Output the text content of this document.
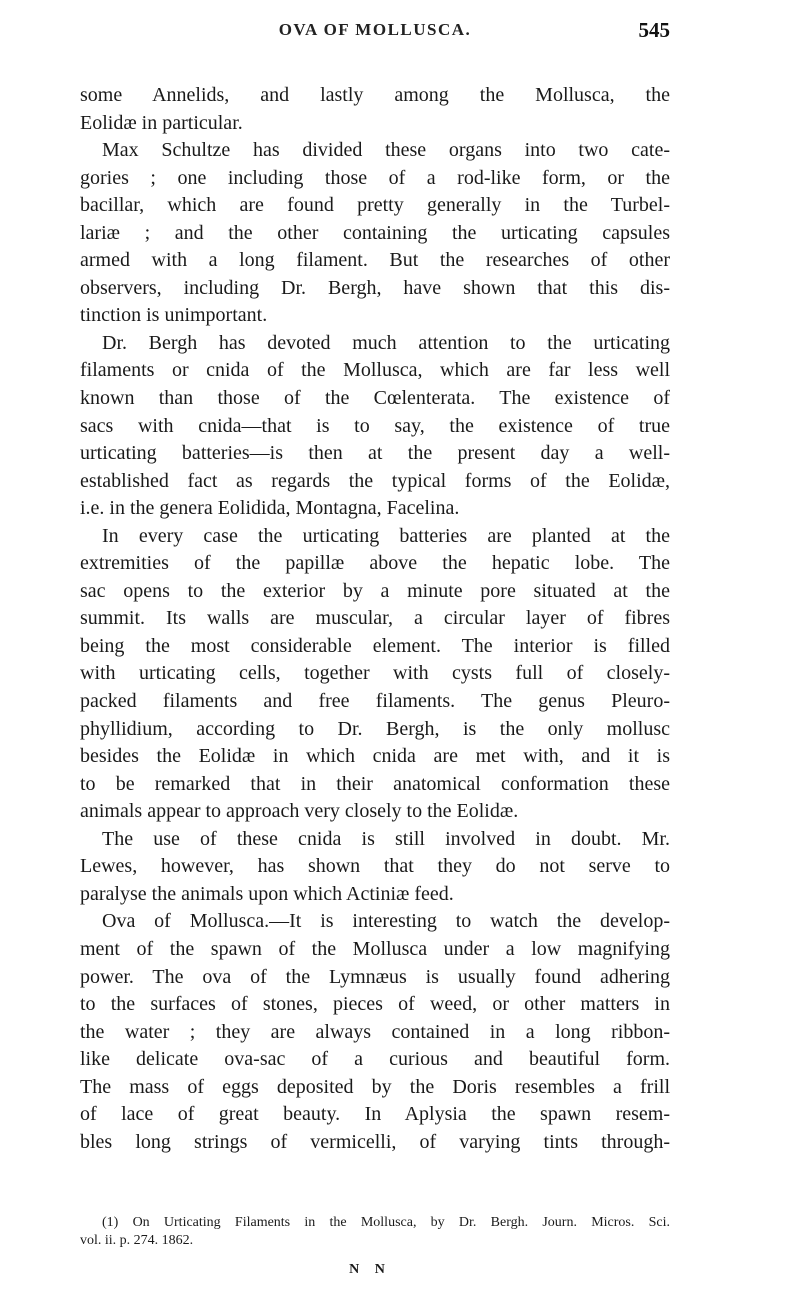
OVA OF MOLLUSCA.	545
some Annelids, and lastly among the Mollusca, the
Eolidæ in particular.
Max Schultze has divided these organs into two cate-
gories ; one including those of a rod-like form, or the
bacillar, which are found pretty generally in the Turbel-
lariæ ; and the other containing the urticating capsules
armed with a long filament. But the researches of other
observers, including Dr. Bergh, have shown that this dis-
tinction is unimportant.
Dr. Bergh has devoted much attention to the urticating
filaments or cnida of the Mollusca, which are far less well
known than those of the Cœlenterata. The existence of
sacs with cnida—that is to say, the existence of true
urticating batteries—is then at the present day a well-
established fact as regards the typical forms of the Eolidæ,
i.e. in the genera Eolidida, Montagna, Facelina.
In every case the urticating batteries are planted at the
extremities of the papillæ above the hepatic lobe. The
sac opens to the exterior by a minute pore situated at the
summit. Its walls are muscular, a circular layer of fibres
being the most considerable element. The interior is filled
with urticating cells, together with cysts full of closely-
packed filaments and free filaments. The genus Pleuro-
phyllidium, according to Dr. Bergh, is the only mollusc
besides the Eolidæ in which cnida are met with, and it is
to be remarked that in their anatomical conformation these
animals appear to approach very closely to the Eolidæ.
The use of these cnida is still involved in doubt. Mr.
Lewes, however, has shown that they do not serve to
paralyse the animals upon which Actiniæ feed.
Ova of Mollusca.—It is interesting to watch the develop-
ment of the spawn of the Mollusca under a low magnifying
power. The ova of the Lymnæus is usually found adhering
to the surfaces of stones, pieces of weed, or other matters in
the water ; they are always contained in a long ribbon-
like delicate ova-sac of a curious and beautiful form.
The mass of eggs deposited by the Doris resembles a frill
of lace of great beauty. In Aplysia the spawn resem-
bles long strings of vermicelli, of varying tints through-
(1) On Urticating Filaments in the Mollusca, by Dr. Bergh. Journ. Micros. Sci.
vol. ii. p. 274. 1862.
N N
